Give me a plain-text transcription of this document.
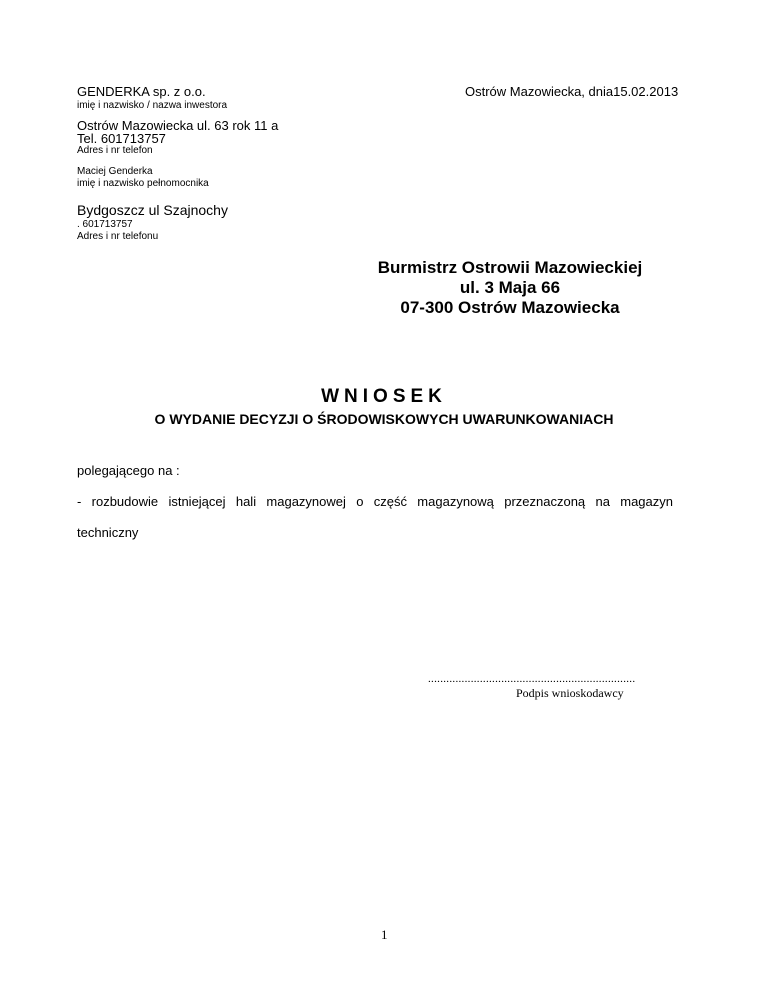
GENDERKA sp. z o.o.
imię i nazwisko / nazwa inwestora
Ostrów Mazowiecka, dnia15.02.2013
Ostrów Mazowiecka ul. 63 rok 11 a
Tel. 601713757
Adres i nr telefon
Maciej Genderka
imię i nazwisko pełnomocnika
Bydgoszcz ul Szajnochy
. 601713757
Adres i nr telefonu
Burmistrz Ostrowii Mazowieckiej
ul. 3 Maja 66
07-300 Ostrów Mazowiecka
WNIOSEK
O WYDANIE DECYZJI O ŚRODOWISKOWYCH UWARUNKOWANIACH
polegającego na :
- rozbudowie istniejącej hali magazynowej o część magazynową przeznaczoną na magazyn
techniczny
....................................................................
Podpis wnioskodawcy
1
